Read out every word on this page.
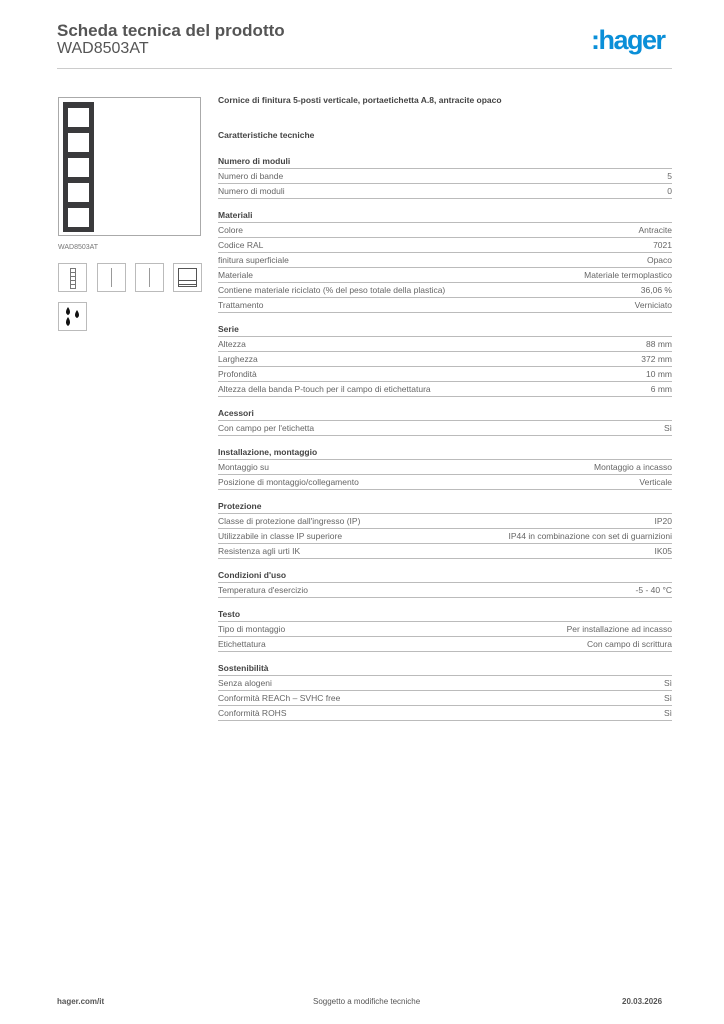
Scheda tecnica del prodotto
WAD8503AT	:hager
WAD8503AT
Cornice di finitura 5-posti verticale, portaetichetta A.8, antracite opaco
Caratteristiche tecniche
Numero di moduli
Numero di bande	5
Numero di moduli	0
Materiali
Colore	Antracite
Codice RAL	7021
finitura superficiale	Opaco
Materiale	Materiale termoplastico
Contiene materiale riciclato (% del peso totale della plastica)	36,06 %
Trattamento	Verniciato
Serie
Altezza	88 mm
Larghezza	372 mm
Profondità	10 mm
Altezza della banda P-touch per il campo di etichettatura	6 mm
Acessori
Con campo per l'etichetta	Sì
Installazione, montaggio
Montaggio su	Montaggio a incasso
Posizione di montaggio/collegamento	Verticale
Protezione
Classe di protezione dall'ingresso (IP)	IP20
Utilizzabile in classe IP superiore	IP44 in combinazione con set di guarnizioni
Resistenza agli urti IK	IK05
Condizioni d'uso
Temperatura d'esercizio	-5 - 40 °C
Testo
Tipo di montaggio	Per installazione ad incasso
Etichettatura	Con campo di scrittura
Sostenibilità
Senza alogeni	Sì
Conformità REACh – SVHC free	Sì
Conformità ROHS	Sì
hager.com/it	Soggetto a modifiche tecniche	20.03.2026
